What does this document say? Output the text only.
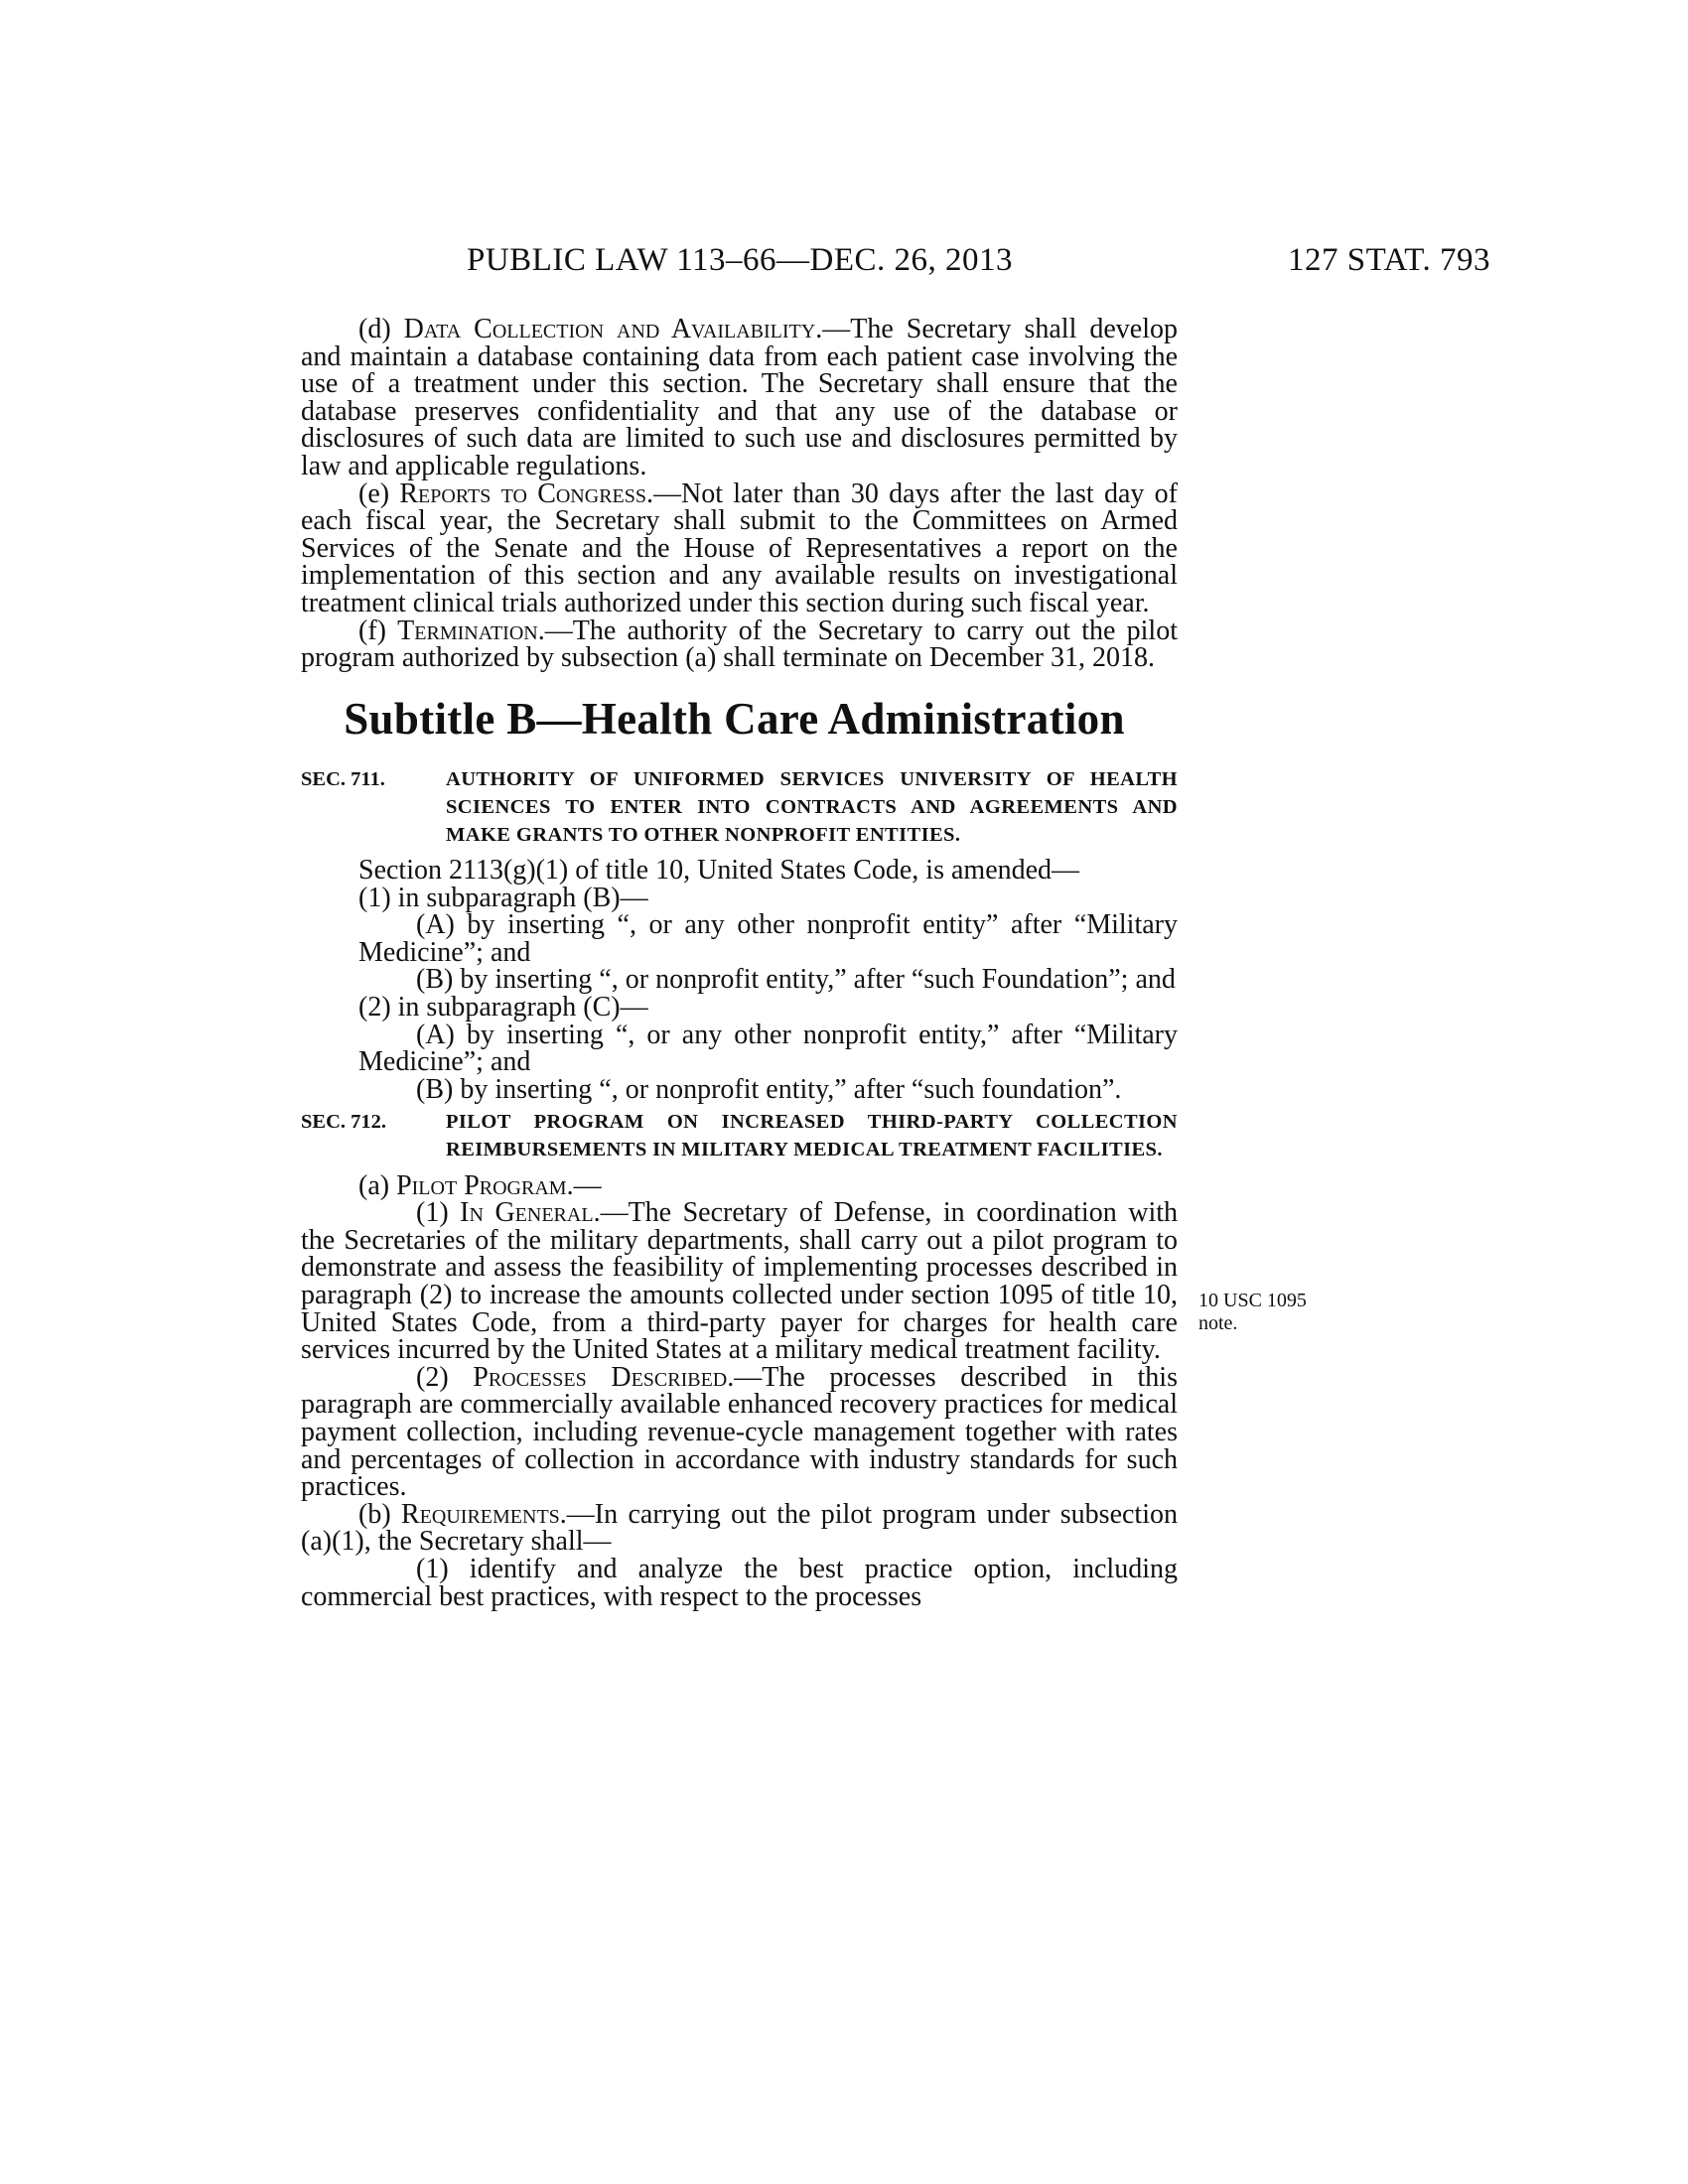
PUBLIC LAW 113–66—DEC. 26, 2013	127 STAT. 793

(d) Data Collection and Availability.—The Secretary shall develop and maintain a database containing data from each patient case involving the use of a treatment under this section. The Secretary shall ensure that the database preserves confidentiality and that any use of the database or disclosures of such data are limited to such use and disclosures permitted by law and applicable regulations.

(e) Reports to Congress.—Not later than 30 days after the last day of each fiscal year, the Secretary shall submit to the Committees on Armed Services of the Senate and the House of Representatives a report on the implementation of this section and any available results on investigational treatment clinical trials authorized under this section during such fiscal year.

(f) Termination.—The authority of the Secretary to carry out the pilot program authorized by subsection (a) shall terminate on December 31, 2018.

Subtitle B—Health Care Administration
SEC. 711.	AUTHORITY OF UNIFORMED SERVICES UNIVERSITY OF HEALTH SCIENCES TO ENTER INTO CONTRACTS AND AGREEMENTS AND MAKE GRANTS TO OTHER NONPROFIT ENTITIES.

Section 2113(g)(1) of title 10, United States Code, is amended—

(1) in subparagraph (B)—

(A) by inserting “, or any other nonprofit entity” after “Military Medicine”; and

(B) by inserting “, or nonprofit entity,” after “such Foundation”; and

(2) in subparagraph (C)—

(A) by inserting “, or any other nonprofit entity,” after “Military Medicine”; and

(B) by inserting “, or nonprofit entity,” after “such foundation”.

SEC. 712.	PILOT PROGRAM ON INCREASED THIRD-PARTY COLLECTION REIMBURSEMENTS IN MILITARY MEDICAL TREATMENT FACILITIES.

(a) Pilot Program.—

(1) In General.—The Secretary of Defense, in coordination with the Secretaries of the military departments, shall carry out a pilot program to demonstrate and assess the feasibility of implementing processes described in paragraph (2) to increase the amounts collected under section 1095 of title 10, United States Code, from a third-party payer for charges for health care services incurred by the United States at a military medical treatment facility.

(2) Processes Described.—The processes described in this paragraph are commercially available enhanced recovery practices for medical payment collection, including revenue-cycle management together with rates and percentages of collection in accordance with industry standards for such practices.

(b) Requirements.—In carrying out the pilot program under subsection (a)(1), the Secretary shall—

(1) identify and analyze the best practice option, including commercial best practices, with respect to the processes

10 USC 1095 note.
